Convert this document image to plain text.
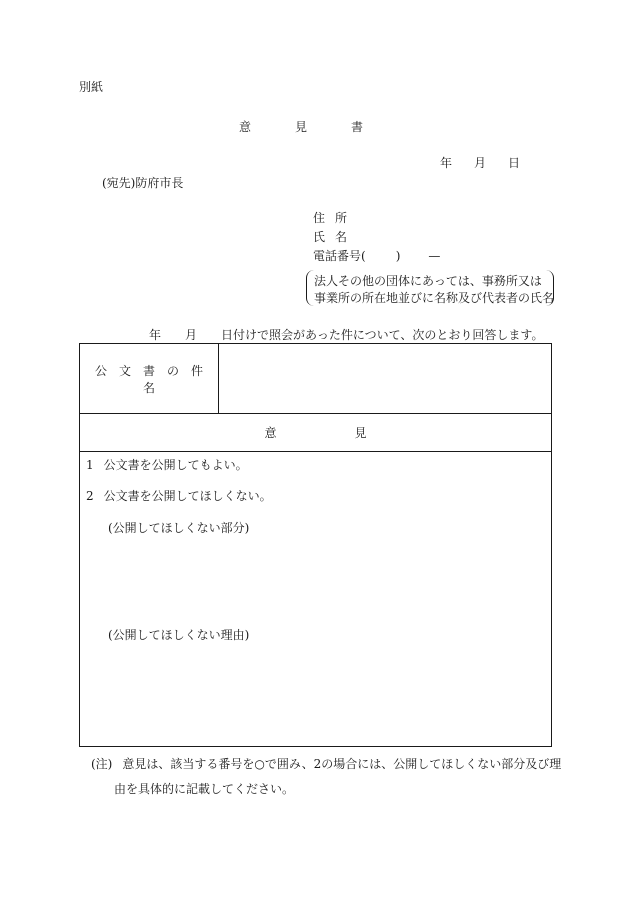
別紙
意	見	書
年 月 日
(宛先)防府市長
住 所
氏 名
電話番号(	) —
法人その他の団体にあっては、事務所又は
事業所の所在地並びに名称及び代表者の氏名
年 月 日付けで照会があった件について、次のとおり回答します。
公 文 書 の 件名	
意	見

1 公文書を公開してもよい。
2 公文書を公開してほしくない。
(公開してほしくない部分)
(公開してほしくない理由)
(注) 意見は、該当する番号を○で囲み、2の場合には、公開してほしくない部分及び理
由を具体的に記載してください。
